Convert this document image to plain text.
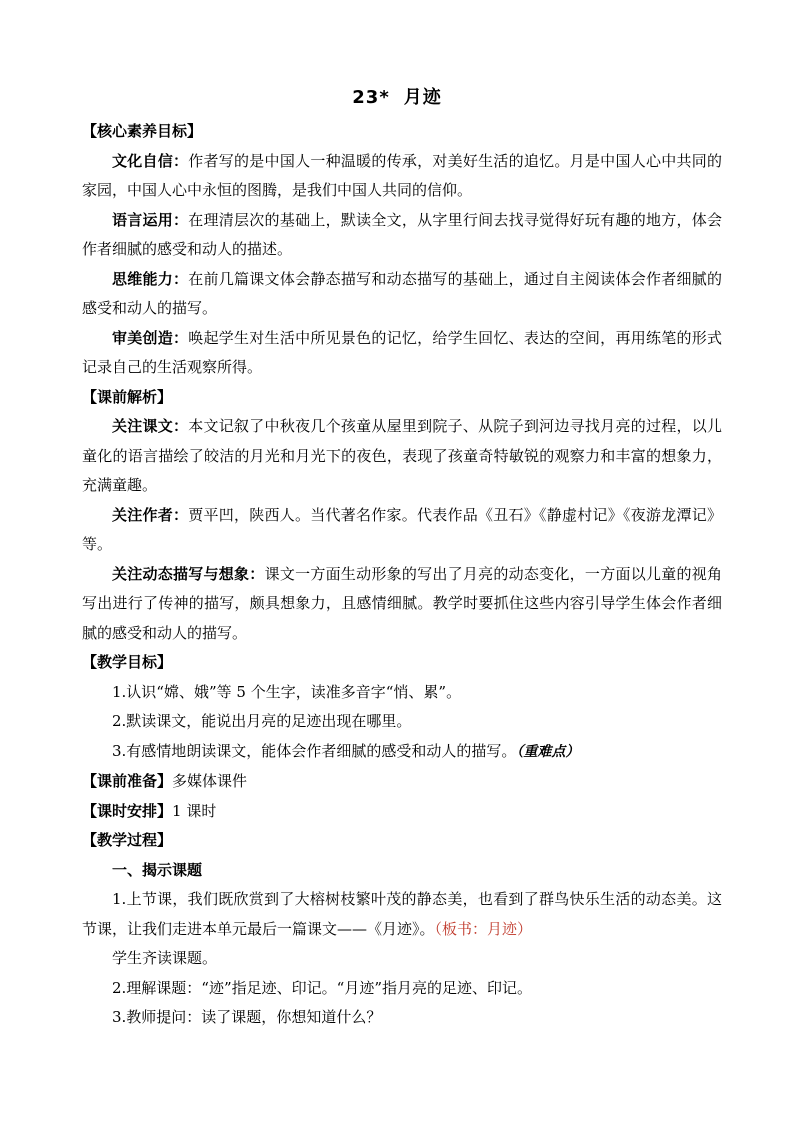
23* 月迹

【核心素养目标】

文化自信：作者写的是中国人一种温暖的传承，对美好生活的追忆。月是中国人心中共同的家园，中国人心中永恒的图腾，是我们中国人共同的信仰。

语言运用：在理清层次的基础上，默读全文，从字里行间去找寻觉得好玩有趣的地方，体会作者细腻的感受和动人的描述。

思维能力：在前几篇课文体会静态描写和动态描写的基础上，通过自主阅读体会作者细腻的感受和动人的描写。

审美创造：唤起学生对生活中所见景色的记忆，给学生回忆、表达的空间，再用练笔的形式记录自己的生活观察所得。

【课前解析】

关注课文：本文记叙了中秋夜几个孩童从屋里到院子、从院子到河边寻找月亮的过程，以儿童化的语言描绘了皎洁的月光和月光下的夜色，表现了孩童奇特敏锐的观察力和丰富的想象力，充满童趣。

关注作者：贾平凹，陕西人。当代著名作家。代表作品《丑石》《静虚村记》《夜游龙潭记》等。

关注动态描写与想象：课文一方面生动形象的写出了月亮的动态变化，一方面以儿童的视角写出进行了传神的描写，颇具想象力，且感情细腻。教学时要抓住这些内容引导学生体会作者细腻的感受和动人的描写。

【教学目标】

1.认识“嫦、娥”等 5 个生字，读准多音字“悄、累”。

2.默读课文，能说出月亮的足迹出现在哪里。

3.有感情地朗读课文，能体会作者细腻的感受和动人的描写。（重难点）

【课前准备】多媒体课件

【课时安排】1 课时

【教学过程】

一、揭示课题

1.上节课，我们既欣赏到了大榕树枝繁叶茂的静态美，也看到了群鸟快乐生活的动态美。这节课，让我们走进本单元最后一篇课文——《月迹》。（板书：月迹）

学生齐读课题。

2.理解课题：“迹”指足迹、印记。“月迹”指月亮的足迹、印记。

3.教师提问：读了课题，你想知道什么？
